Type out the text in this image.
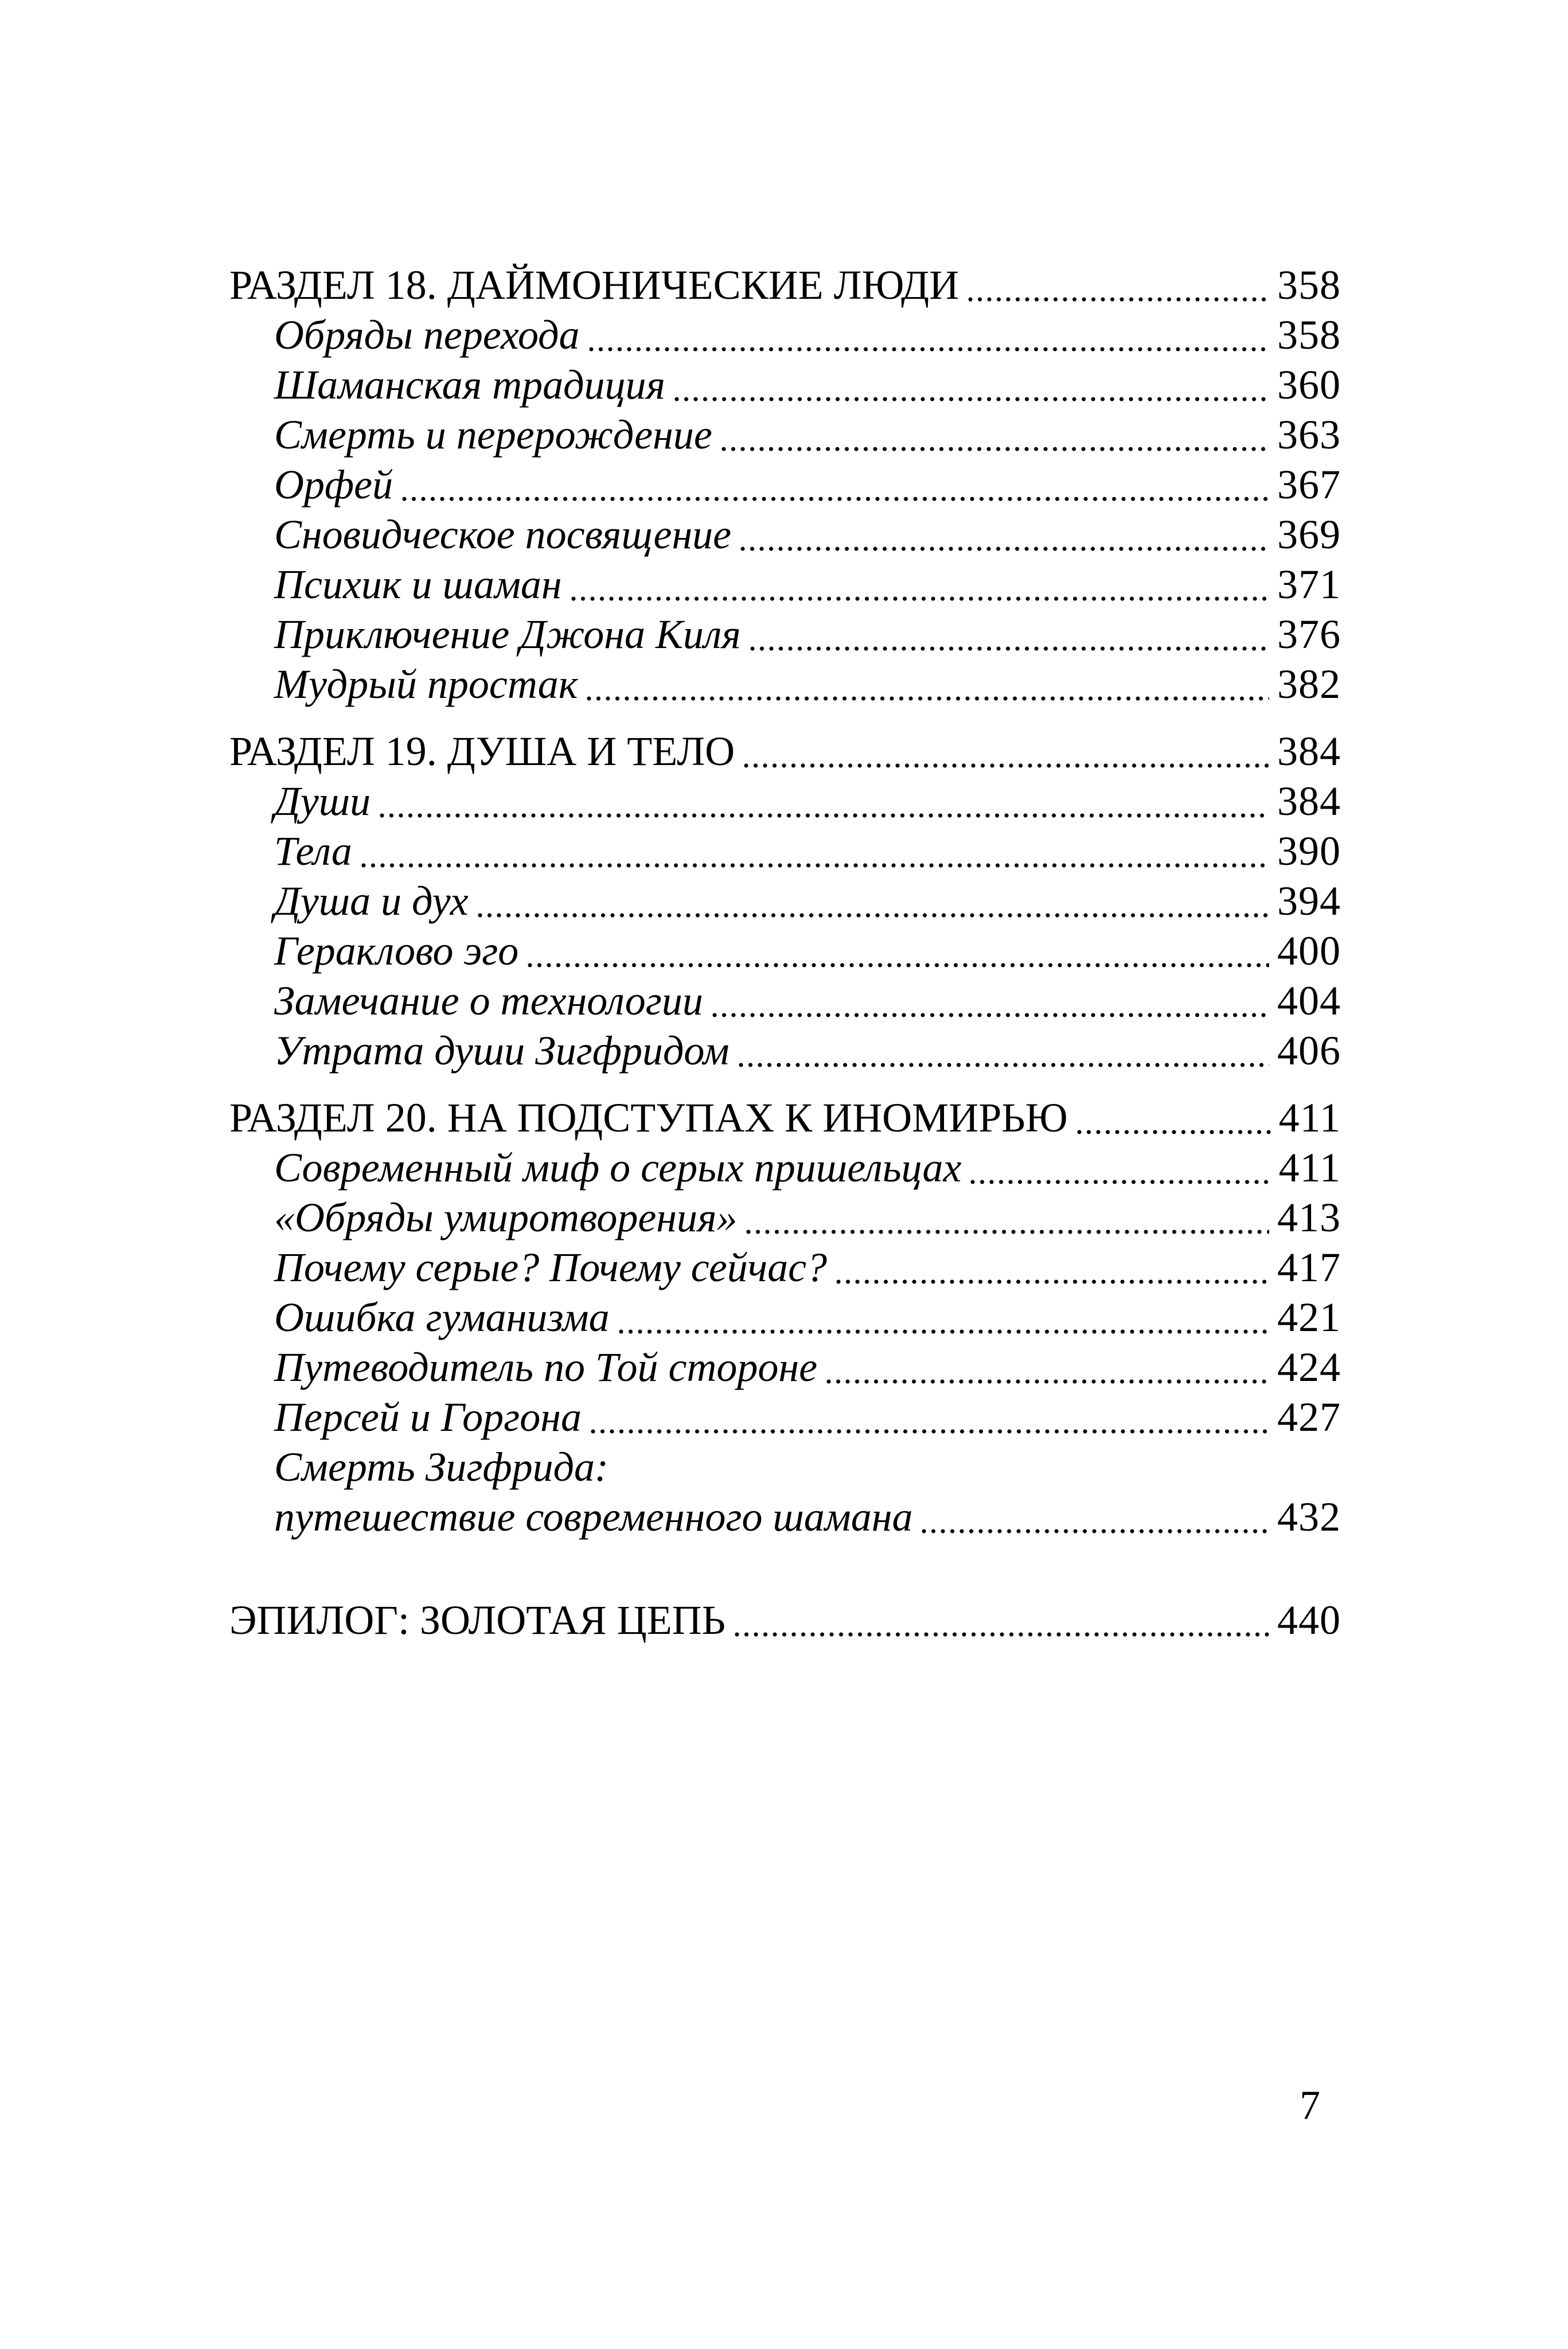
РАЗДЕЛ 18. ДАЙМОНИЧЕСКИЕ ЛЮДИ	358
Обряды перехода	358
Шаманская традиция	360
Смерть и перерождение	363
Орфей	367
Сновидческое посвящение	369
Психик и шаман	371
Приключение Джона Киля	376
Мудрый простак	382
РАЗДЕЛ 19. ДУША И ТЕЛО	384
Души	384
Тела	390
Душа и дух	394
Гераклово эго	400
Замечание о технологии	404
Утрата души Зигфридом	406
РАЗДЕЛ 20. НА ПОДСТУПАХ К ИНОМИРЬЮ	411
Современный миф о серых пришельцах	411
«Обряды умиротворения»	413
Почему серые? Почему сейчас?	417
Ошибка гуманизма	421
Путеводитель по Той стороне	424
Персей и Горгона	427
Смерть Зигфрида:
путешествие современного шамана	432
ЭПИЛОГ: ЗОЛОТАЯ ЦЕПЬ	440
7
